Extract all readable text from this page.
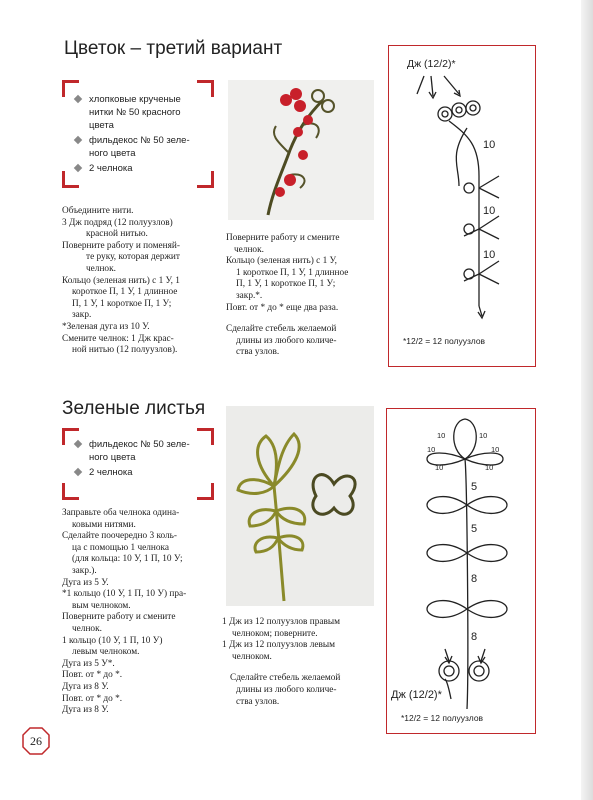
Цветок – третий вариант
хлопковые крученые
нитки № 50 красного
цвета
фильдекос № 50 зеле-
ного цвета
2 челнока
Объедините нити.
3 Дж подряд (12 полуузлов)
красной нитью.
Поверните работу и поменяй-
те руку, которая держит
челнок.
Кольцо (зеленая нить) с 1 У, 1
короткое П, 1 У, 1 длинное
П, 1 У, 1 короткое П, 1 У;
закр.
*Зеленая дуга из 10 У.
Смените челнок: 1 Дж крас-
ной нитью (12 полуузлов).
Поверните работу и смените
челнок.
Кольцо (зеленая нить) с 1 У,
1 короткое П, 1 У, 1 длинное
П, 1 У, 1 короткое П, 1 У;
закр.*.
Повт. от * до * еще два раза.
Сделайте стебель желаемой
длины из любого количе-
ства узлов.
Дж (12/2)*
10
10
10
*12/2 = 12 полуузлов
Зеленые листья
фильдекос № 50 зеле-
ного цвета
2 челнока
Заправьте оба челнока одина-
ковыми нитями.
Сделайте поочередно 3 коль-
ца с помощью 1 челнока
(для кольца: 10 У, 1 П, 10 У;
закр.).
Дуга из 5 У.
*1 кольцо (10 У, 1 П, 10 У) пра-
вым челноком.
Поверните работу и смените
челнок.
1 кольцо (10 У, 1 П, 10 У)
левым челноком.
Дуга из 5 У*.
Повт. от * до *.
Дуга из 8 У.
Повт. от * до *.
Дуга из 8 У.
1 Дж из 12 полуузлов правым
челноком; поверните.
1 Дж из 12 полуузлов левым
челноком.
Сделайте стебель желаемой
длины из любого количе-
ства узлов.
10	10
10	10
10	10
5
5
8
8
Дж (12/2)*
*12/2 = 12 полуузлов
26
